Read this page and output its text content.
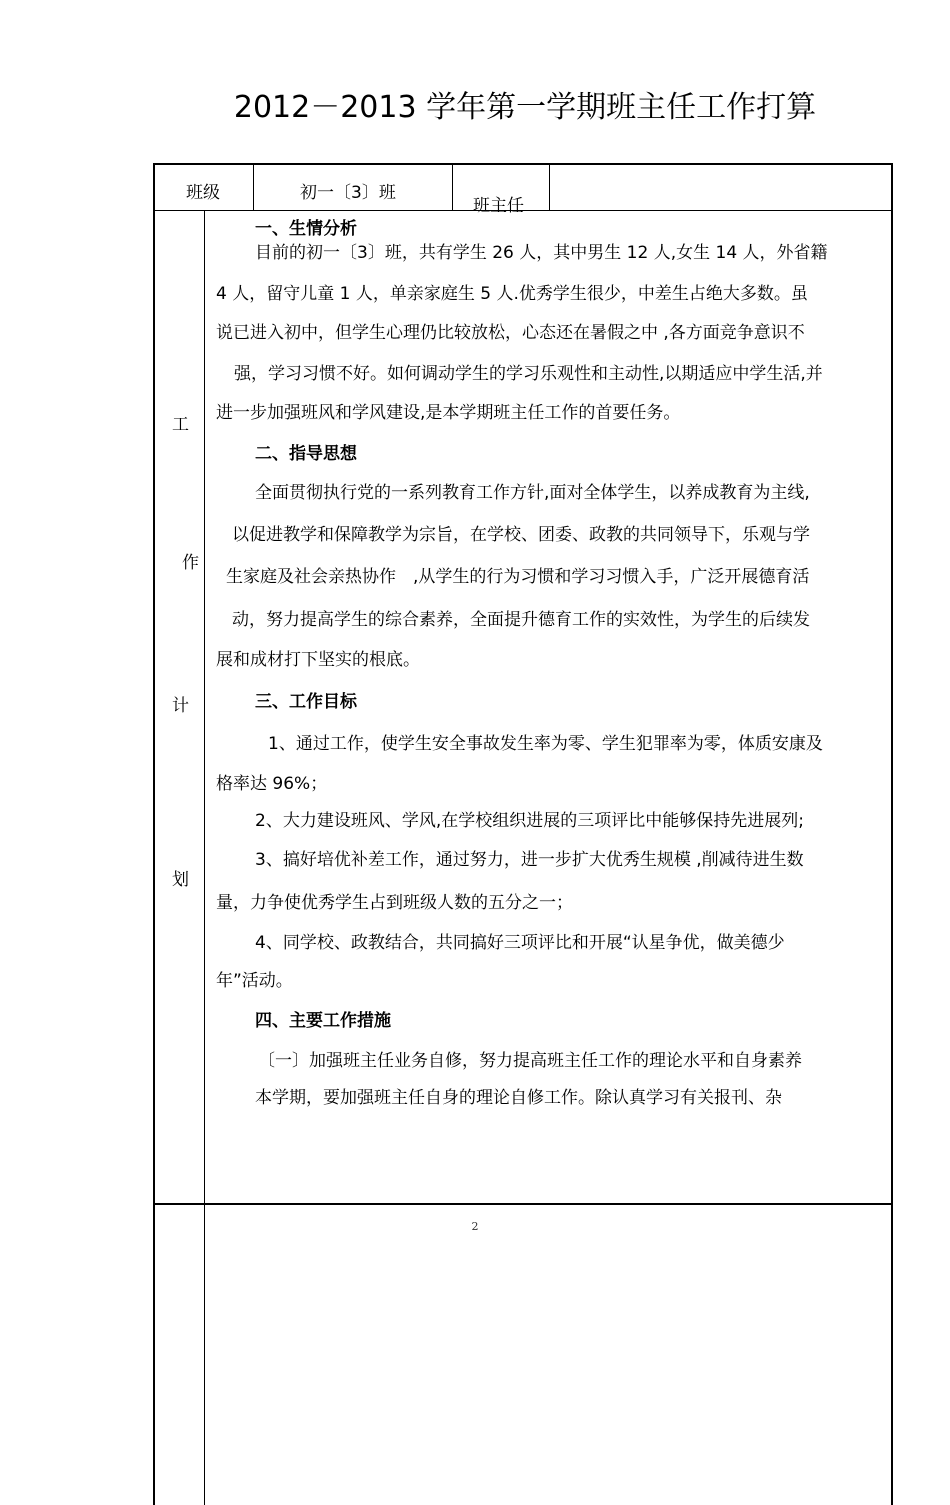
2012－2013 学年第一学期班主任工作打算
班级	初一〔3〕班
班主任
工
作
计
划
一、生情分析
目前的初一〔3〕班，共有学生 26 人，其中男生 12 人,女生 14 人，外省籍
4 人，留守儿童 1 人，单亲家庭生 5 人.优秀学生很少，中差生占绝大多数。虽
说已进入初中，但学生心理仍比较放松，心态还在暑假之中 ,各方面竞争意识不
强，学习习惯不好。如何调动学生的学习乐观性和主动性,以期适应中学生活,并
进一步加强班风和学风建设,是本学期班主任工作的首要任务。
二、指导思想
全面贯彻执行党的一系列教育工作方针,面对全体学生，以养成教育为主线,
以促进教学和保障教学为宗旨，在学校、团委、政教的共同领导下，乐观与学
生家庭及社会亲热协作　,从学生的行为习惯和学习习惯入手，广泛开展德育活
动，努力提高学生的综合素养，全面提升德育工作的实效性，为学生的后续发
展和成材打下坚实的根底。
三、工作目标
1、通过工作，使学生安全事故发生率为零、学生犯罪率为零，体质安康及
格率达 96%；
2、大力建设班风、学风,在学校组织进展的三项评比中能够保持先进展列;
3、搞好培优补差工作，通过努力，进一步扩大优秀生规模 ,削减待进生数
量，力争使优秀学生占到班级人数的五分之一；
4、同学校、政教结合，共同搞好三项评比和开展“认星争优，做美德少
年”活动。
四、主要工作措施
〔一〕加强班主任业务自修，努力提高班主任工作的理论水平和自身素养
本学期，要加强班主任自身的理论自修工作。除认真学习有关报刊、杂
2
